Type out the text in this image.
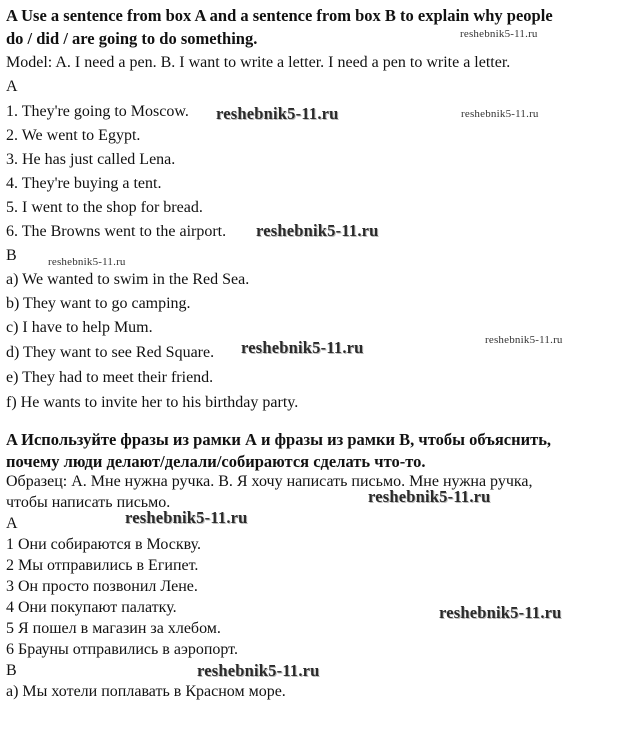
A Use a sentence from box A and a sentence from box B to explain why people
do / did / are going to do something.
Model: A. I need a pen. B. I want to write a letter. I need a pen to write a letter.
A
1. They're going to Moscow.
2. We went to Egypt.
3. He has just called Lena.
4. They're buying a tent.
5. I went to the shop for bread.
6. The Browns went to the airport.
B
a) We wanted to swim in the Red Sea.
b) They want to go camping.
c) I have to help Mum.
d) They want to see Red Square.
e) They had to meet their friend.
f) He wants to invite her to his birthday party.
A Используйте фразы из рамки А и фразы из рамки В, чтобы объяснить,
почему люди делают/делали/собираются сделать что-то.
Образец: А. Мне нужна ручка. В. Я хочу написать письмо. Мне нужна ручка,
чтобы написать письмо.
А
1 Они собираются в Москву.
2 Мы отправились в Египет.
3 Он просто позвонил Лене.
4 Они покупают палатку.
5 Я пошел в магазин за хлебом.
6 Брауны отправились в аэропорт.
В
а) Мы хотели поплавать в Красном море.
reshebnik5-11.ru
reshebnik5-11.ru	reshebnik5-11.ru
reshebnik5-11.ru
reshebnik5-11.ru
reshebnik5-11.ru
reshebnik5-11.ru
reshebnik5-11.ru
reshebnik5-11.ru
reshebnik5-11.ru
reshebnik5-11.ru
